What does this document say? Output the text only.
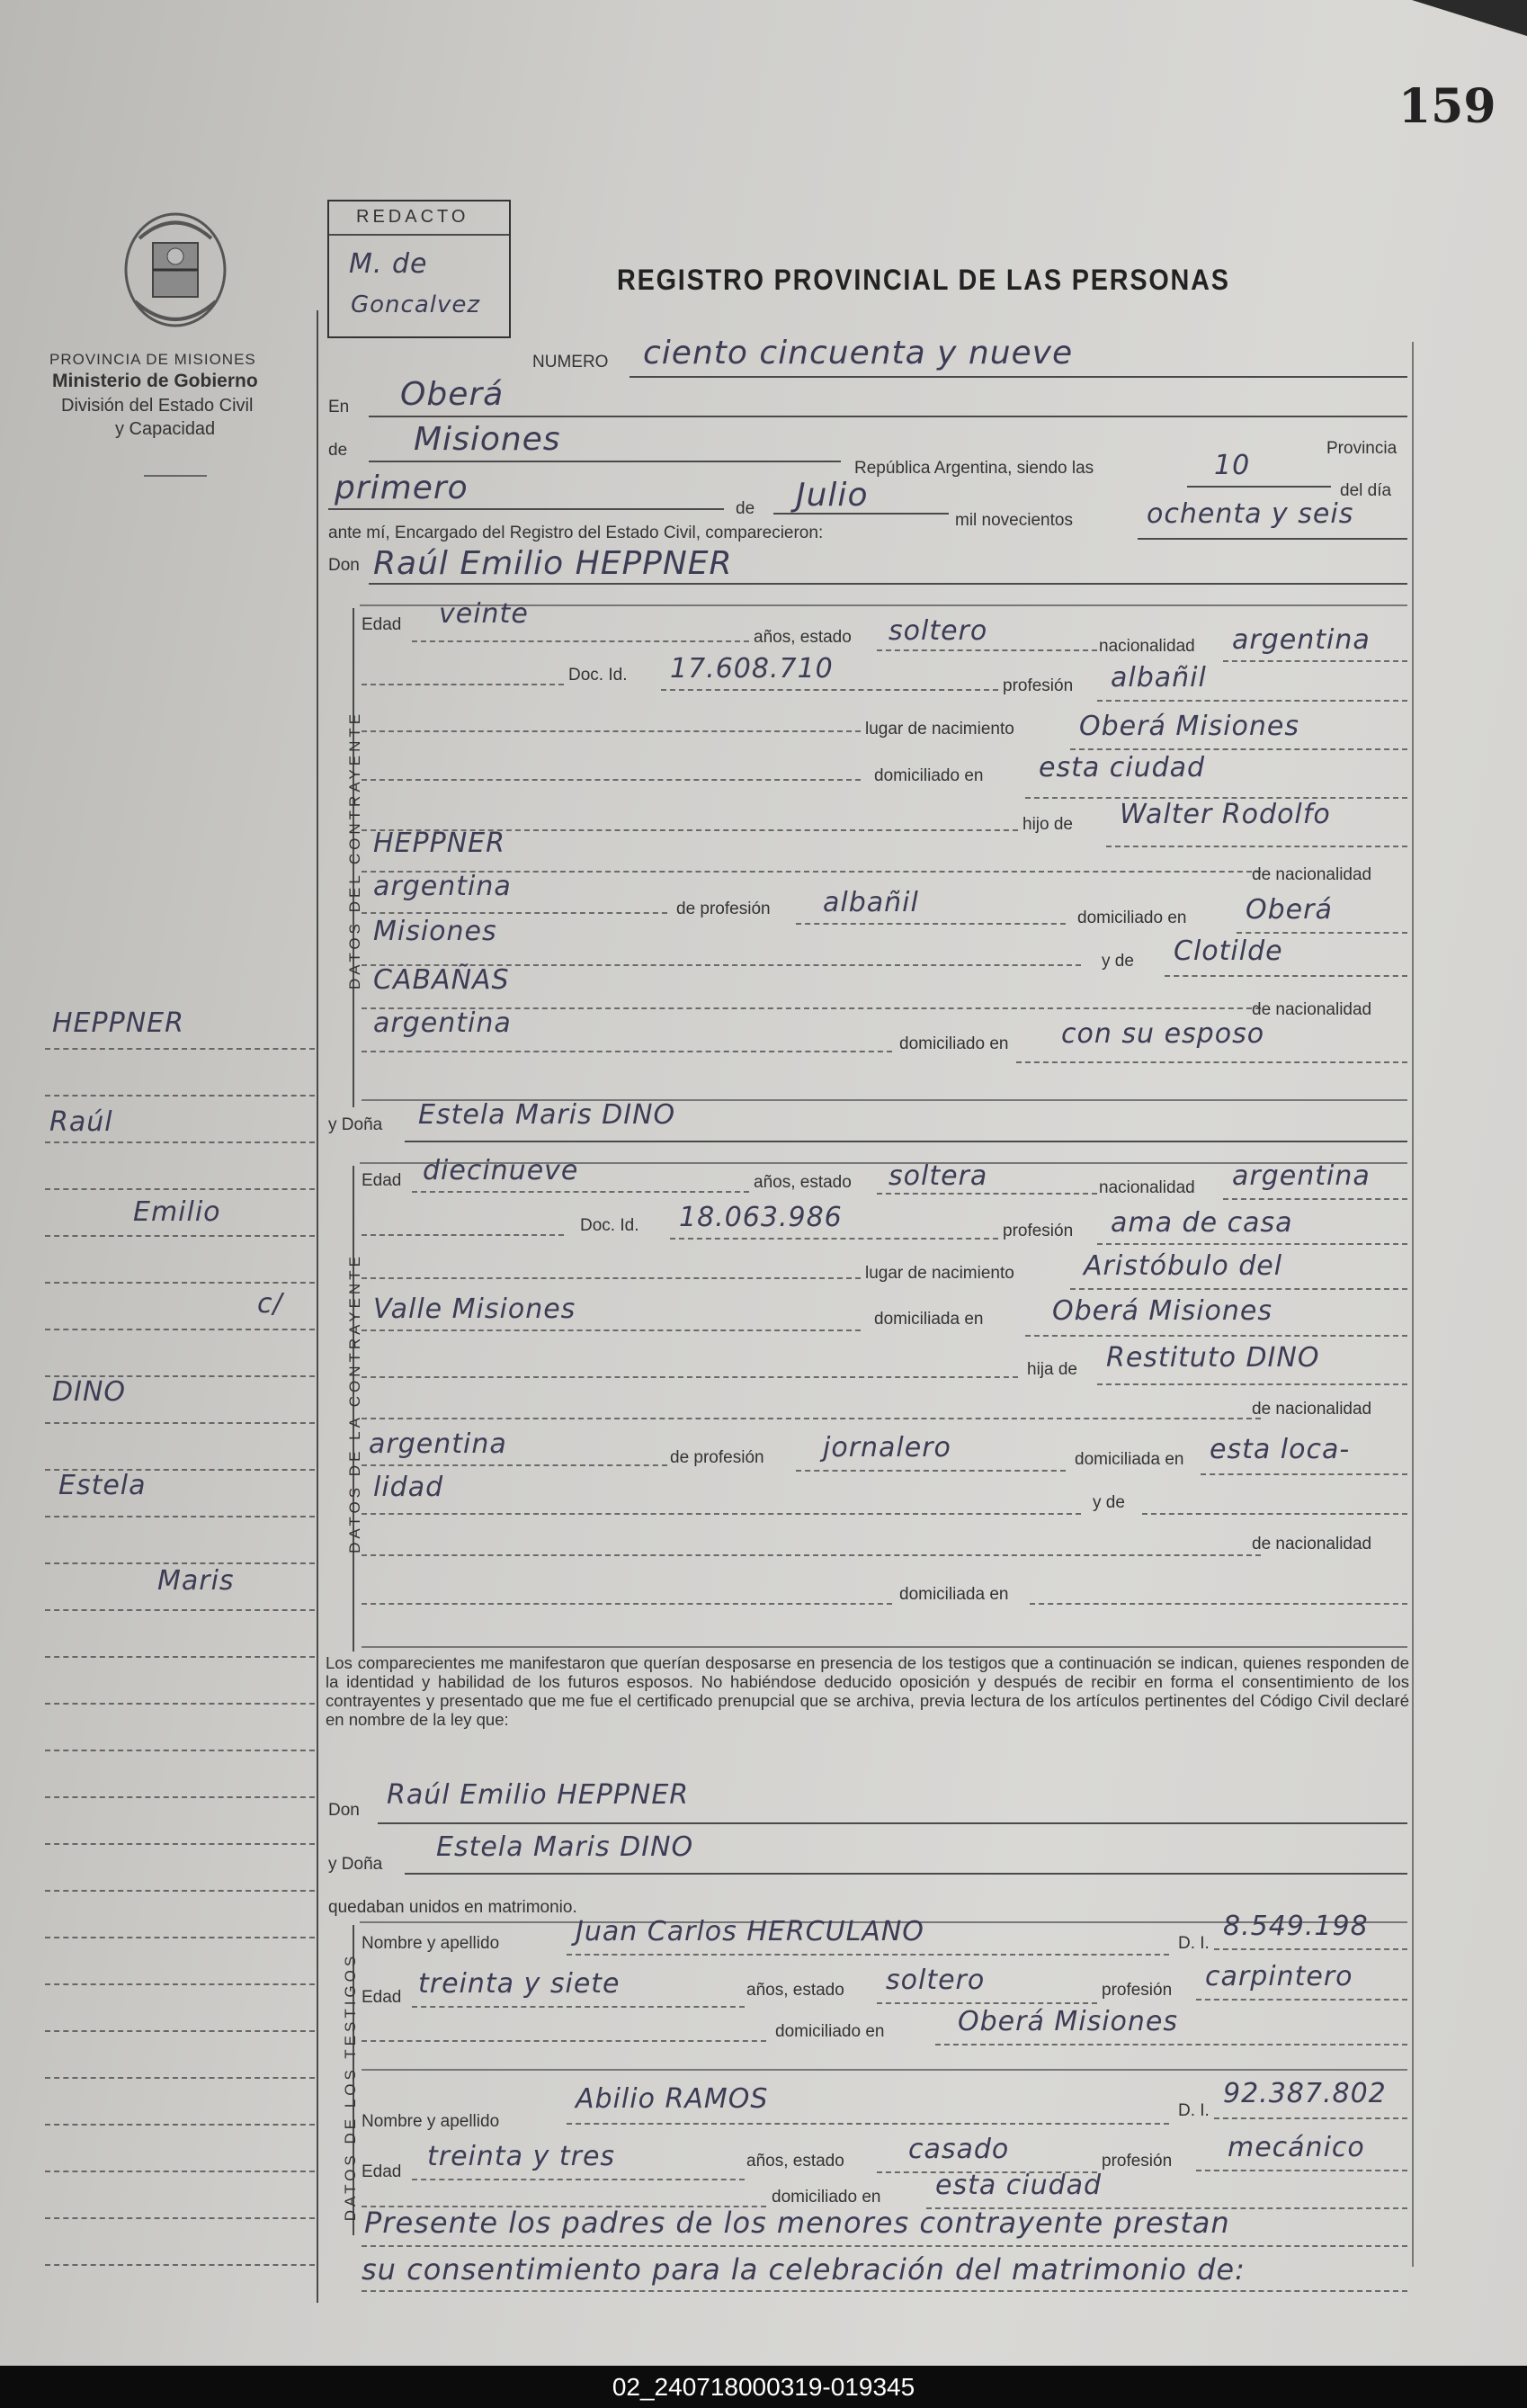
159
PROVINCIA DE MISIONES
Ministerio de Gobierno
División del Estado Civil
y Capacidad
REDACTO
M. de
Goncalvez
REGISTRO PROVINCIAL DE LAS PERSONAS
NUMERO ciento cincuenta y nueve
En Oberá
de Misiones
República Argentina, siendo las	10
del día
Provincia
primero
de Julio
mil novecientos	ochenta y seis
ante mí, Encargado del Registro del Estado Civil, comparecieron:
Don Raúl Emilio HEPPNER
DATOS DEL CONTRAYENTE
Edad veinte
años, estado soltero	nacionalidad argentina
Doc. Id. 17.608.710
profesión albañil
lugar de nacimiento Oberá Misiones
domiciliado en esta ciudad
hijo de Walter Rodolfo
HEPPNER
de nacionalidad
argentina
de profesión albañil	domiciliado en Oberá
Misiones
y de Clotilde
CABAÑAS
de nacionalidad
argentina
domiciliado en con su esposo
y Doña Estela Maris DINO
DATOS DE LA CONTRAYENTE
Edad diecinueve	años, estado soltera	nacionalidad argentina
Doc. Id. 18.063.986	profesión ama de casa
lugar de nacimiento	Aristóbulo del
Valle Misiones	domiciliada en	Oberá Misiones
hija de Restituto DINO
de nacionalidad
argentina	de profesión jornalero	domiciliada en esta loca-
lidad	y de
de nacionalidad
domiciliada en
Los comparecientes me manifestaron que querían desposarse en presencia de los testigos que a continuación se indican, quienes responden de la identidad y habilidad de los futuros esposos. No habiéndose deducido oposición y después de recibir en forma el consentimiento de los contrayentes y presentado que me fue el certificado prenupcial que se archiva, previa lectura de los artículos pertinentes del Código Civil declaré en nombre de la ley que:
Don Raúl Emilio HEPPNER
y Doña
Estela Maris DINO
quedaban unidos en matrimonio.
DATOS DE LOS TESTIGOS
Nombre y apellido	Juan Carlos HERCULANO	D. I.
8.549.198
Edad treinta y siete	años, estado soltero	profesión carpintero
domiciliado en	Oberá Misiones
Nombre y apellido
Abilio RAMOS	D. I.
92.387.802
Edad treinta y tres	años, estado casado	profesión mecánico
domiciliado en esta ciudad
Presente los padres de los menores contrayente prestan
su consentimiento para la celebración del matrimonio de:
HEPPNER
Raúl
Emilio
c/
DINO
Estela
Maris
02_240718000319-019345
